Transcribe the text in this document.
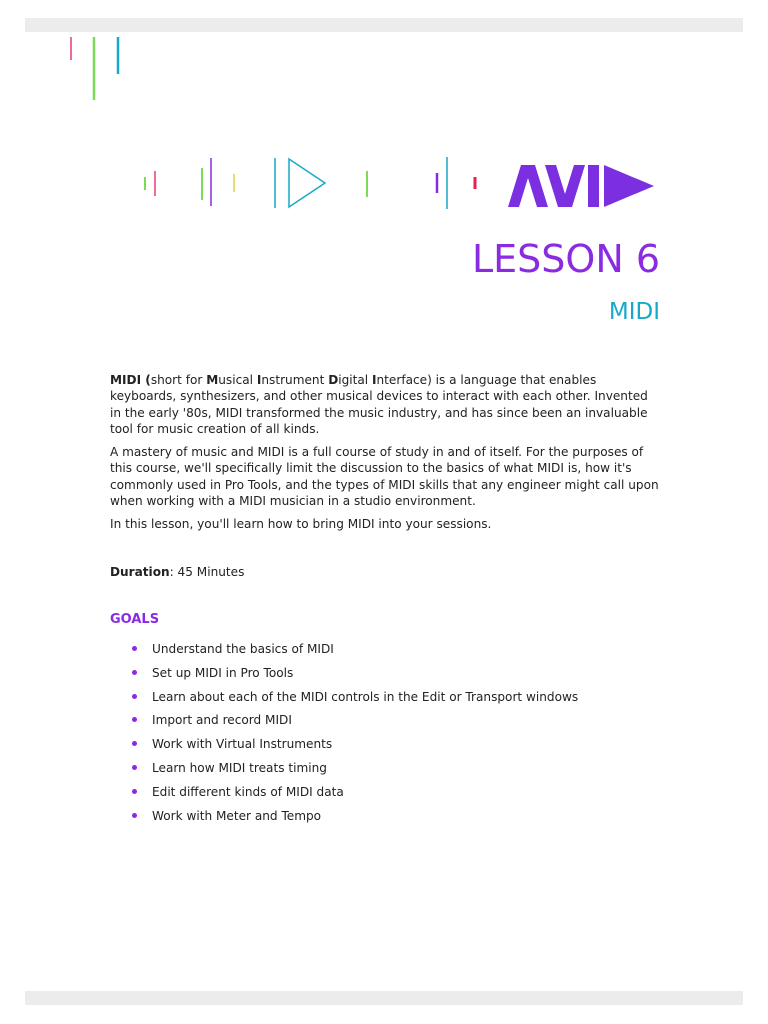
LESSON 6
MIDI
MIDI (short for Musical Instrument Digital Interface) is a language that enables keyboards, synthesizers, and other musical devices to interact with each other. Invented in the early '80s, MIDI transformed the music industry, and has since been an invaluable tool for music creation of all kinds.
A mastery of music and MIDI is a full course of study in and of itself. For the purposes of this course, we'll specifically limit the discussion to the basics of what MIDI is, how it's commonly used in Pro Tools, and the types of MIDI skills that any engineer might call upon when working with a MIDI musician in a studio environment.
In this lesson, you'll learn how to bring MIDI into your sessions.
Duration: 45 Minutes
GOALS
Understand the basics of MIDI
Set up MIDI in Pro Tools
Learn about each of the MIDI controls in the Edit or Transport windows
Import and record MIDI
Work with Virtual Instruments
Learn how MIDI treats timing
Edit different kinds of MIDI data
Work with Meter and Tempo
